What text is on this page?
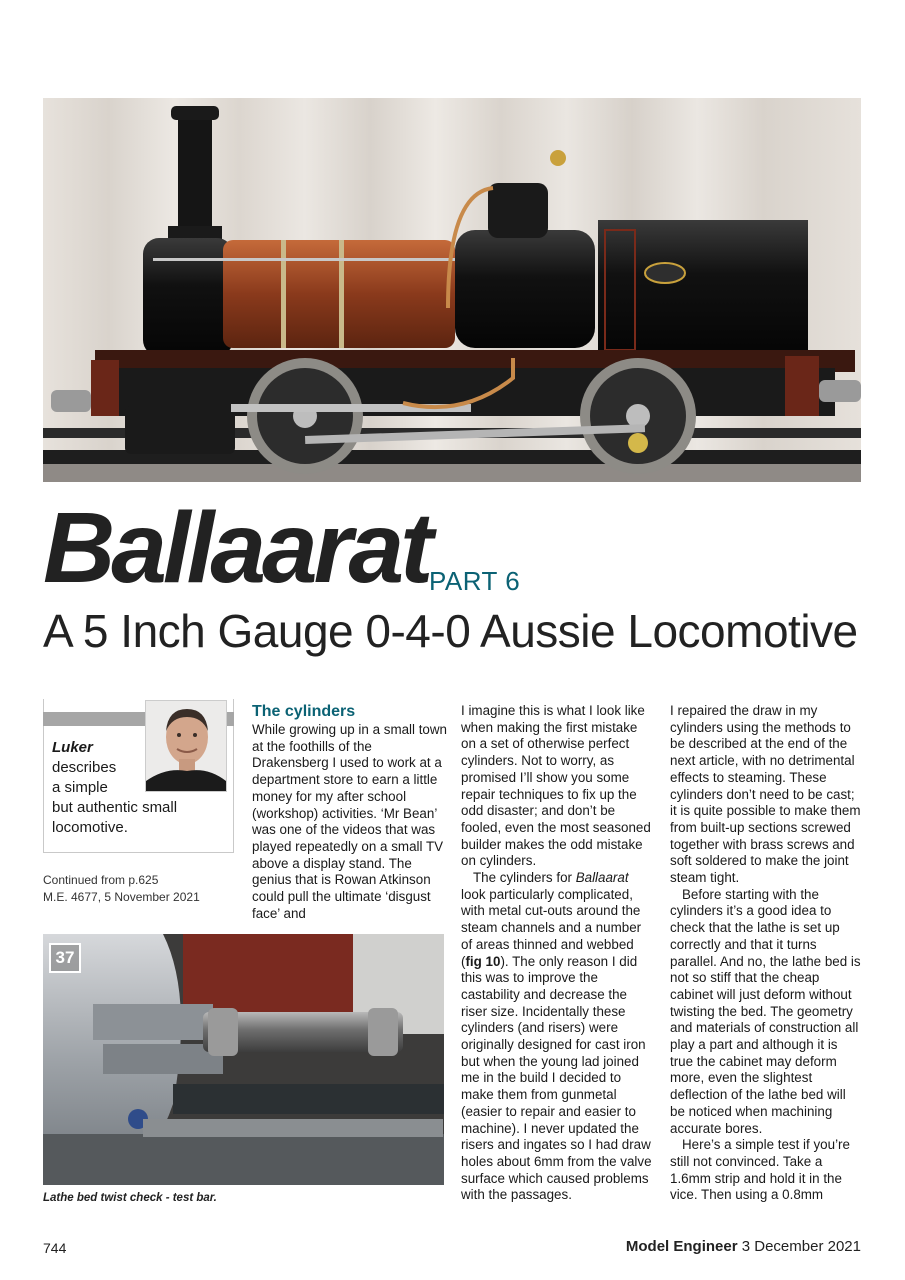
Ballaarat PART 6
A 5 Inch Gauge 0-4-0 Aussie Locomotive
Luker
describes
a simple
but authentic small
locomotive.
Continued from p.625
M.E. 4677, 5 November 2021
The cylinders

While growing up in a small town at the foothills of the Drakensberg I used to work at a department store to earn a little money for my after school (workshop) activities. ‘Mr Bean’ was one of the videos that was played repeatedly on a small TV above a display stand. The genius that is Rowan Atkinson could pull the ultimate ‘disgust face’ and

I imagine this is what I look like when making the first mistake on a set of otherwise perfect cylinders. Not to worry, as promised I’ll show you some repair techniques to fix up the odd disaster; and don’t be fooled, even the most seasoned builder makes the odd mistake on cylinders.

The cylinders for Ballaarat look particularly complicated, with metal cut-outs around the steam channels and a number of areas thinned and webbed (fig 10). The only reason I did this was to improve the castability and decrease the riser size. Incidentally these cylinders (and risers) were originally designed for cast iron but when the young lad joined me in the build I decided to make them from gunmetal (easier to repair and easier to machine). I never updated the risers and ingates so I had draw holes about 6mm from the valve surface which caused problems with the passages.

I repaired the draw in my cylinders using the methods to be described at the end of the next article, with no detrimental effects to steaming. These cylinders don’t need to be cast; it is quite possible to make them from built-up sections screwed together with brass screws and soft soldered to make the joint steam tight.

Before starting with the cylinders it’s a good idea to check that the lathe is set up correctly and that it turns parallel. And no, the lathe bed is not so stiff that the cheap cabinet will just deform without twisting the bed. The geometry and materials of construction all play a part and although it is true the cabinet may deform more, even the slightest deflection of the lathe bed will be noticed when machining accurate bores.

Here’s a simple test if you’re still not convinced. Take a 1.6mm strip and hold it in the vice. Then using a 0.8mm

37
Lathe bed twist check - test bar.
744	Model Engineer 3 December 2021
